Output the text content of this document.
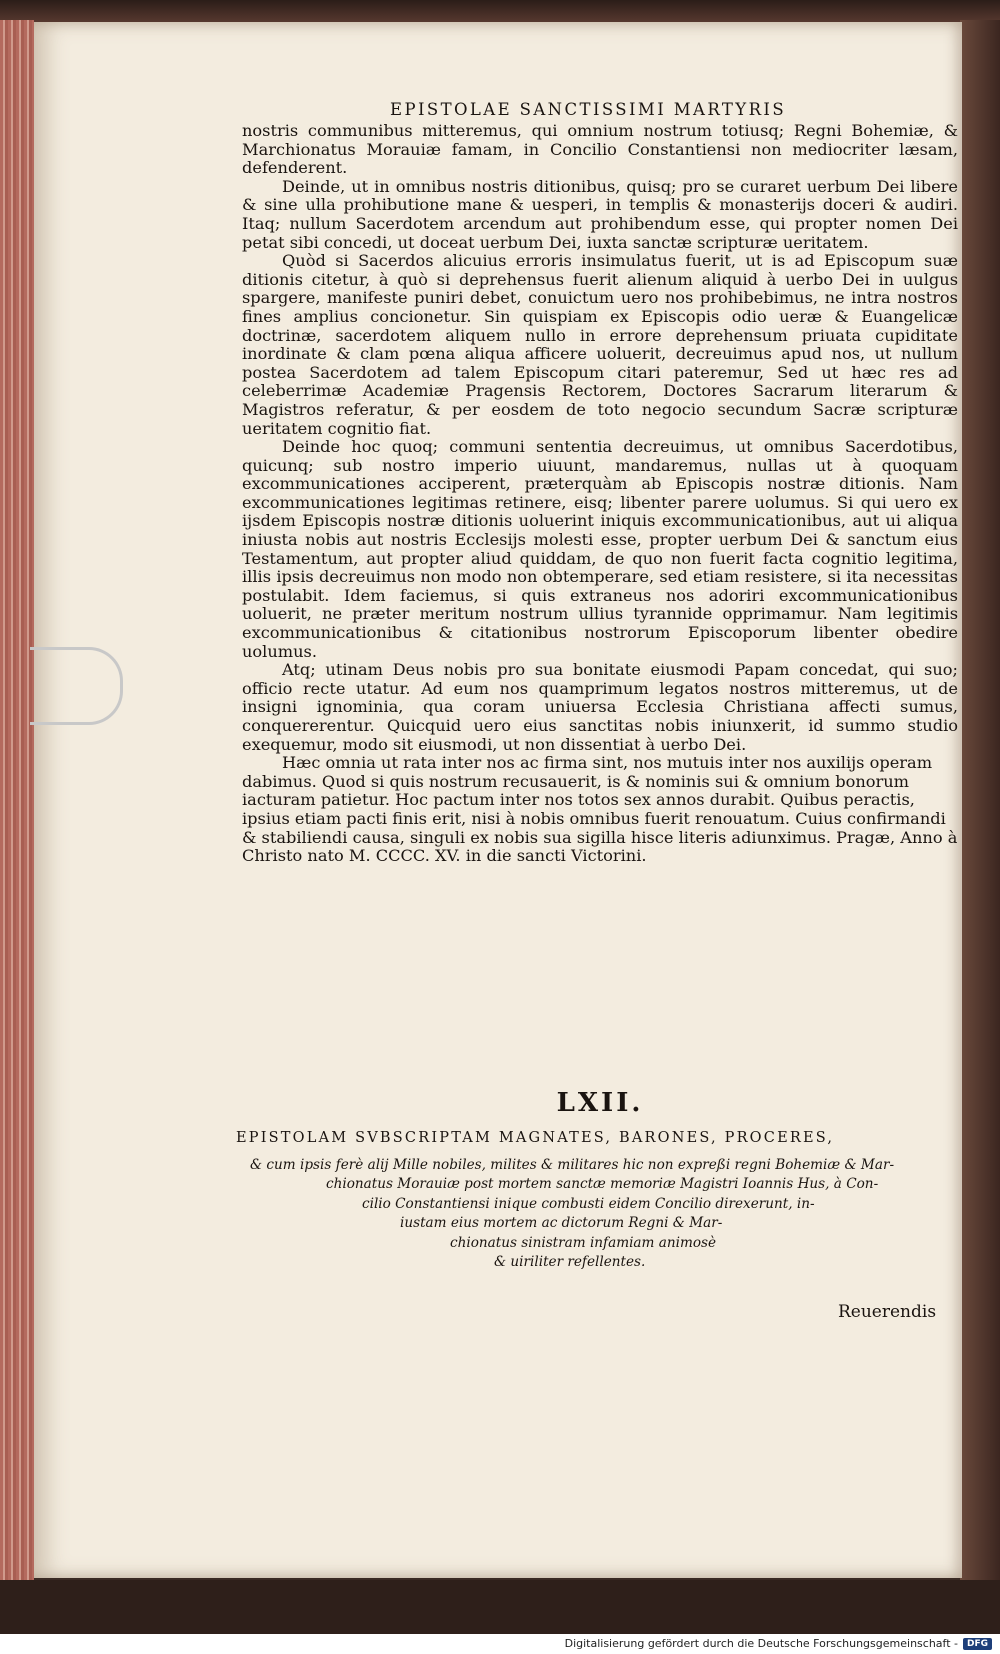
EPISTOLAE SANCTISSIMI MARTYRIS

nostris communibus mitteremus, qui omnium nostrum totiusq; Regni Bohemiæ, & Marchionatus Morauiæ famam, in Concilio Constantiensi non mediocriter læsam, defenderent.

Deinde, ut in omnibus nostris ditionibus, quisq; pro se curaret uerbum Dei libere & sine ulla prohibutione mane & uesperi, in templis & monasterijs doceri & audiri. Itaq; nullum Sacerdotem arcendum aut prohibendum esse, qui propter nomen Dei petat sibi concedi, ut doceat uerbum Dei, iuxta sanctæ scripturæ ueritatem.

Quòd si Sacerdos alicuius erroris insimulatus fuerit, ut is ad Episcopum suæ ditionis citetur, à quò si deprehensus fuerit alienum aliquid à uerbo Dei in uulgus spargere, manifeste puniri debet, conuictum uero nos prohibebimus, ne intra nostros fines amplius concionetur. Sin quispiam ex Episcopis odio ueræ & Euangelicæ doctrinæ, sacerdotem aliquem nullo in errore deprehensum priuata cupiditate inordinate & clam pœna aliqua afficere uoluerit, decreuimus apud nos, ut nullum postea Sacerdotem ad talem Episcopum citari pateremur, Sed ut hæc res ad celeberrimæ Academiæ Pragensis Rectorem, Doctores Sacrarum literarum & Magistros referatur, & per eosdem de toto negocio secundum Sacræ scripturæ ueritatem cognitio fiat.

Deinde hoc quoq; communi sententia decreuimus, ut omnibus Sacerdotibus, quicunq; sub nostro imperio uiuunt, mandaremus, nullas ut à quoquam excommunicationes acciperent, præterquàm ab Episcopis nostræ ditionis. Nam excommunicationes legitimas retinere, eisq; libenter parere uolumus. Si qui uero ex ijsdem Episcopis nostræ ditionis uoluerint iniquis excommunicationibus, aut ui aliqua iniusta nobis aut nostris Ecclesijs molesti esse, propter uerbum Dei & sanctum eius Testamentum, aut propter aliud quiddam, de quo non fuerit facta cognitio legitima, illis ipsis decreuimus non modo non obtemperare, sed etiam resistere, si ita necessitas postulabit. Idem faciemus, si quis extraneus nos adoriri excommunicationibus uoluerit, ne præter meritum nostrum ullius tyrannide opprimamur. Nam legitimis excommunicationibus & citationibus nostrorum Episcoporum libenter obedire uolumus.

Atq; utinam Deus nobis pro sua bonitate eiusmodi Papam concedat, qui suo; officio recte utatur. Ad eum nos quamprimum legatos nostros mitteremus, ut de insigni ignominia, qua coram uniuersa Ecclesia Christiana affecti sumus, conquererentur. Quicquid uero eius sanctitas nobis iniunxerit, id summo studio exequemur, modo sit eiusmodi, ut non dissentiat à uerbo Dei.

Hæc omnia ut rata inter nos ac firma sint, nos mutuis inter nos auxilijs operam dabimus. Quod si quis nostrum recusauerit, is & nominis sui & omnium bonorum iacturam patietur. Hoc pactum inter nos totos sex annos durabit. Quibus peractis, ipsius etiam pacti finis erit, nisi à nobis omnibus fuerit renouatum. Cuius confirmandi & stabiliendi causa, singuli ex nobis sua sigilla hisce literis adiunximus. Pragæ, Anno à Christo nato M. CCCC. XV. in die sancti Victorini.

LXII.
EPISTOLAM SVBSCRIPTAM MAGNATES, BARONES, PROCERES,
& cum ipsis ferè alij Mille nobiles, milites & militares hic non expreßi regni Bohemiæ & Mar-
chionatus Morauiæ post mortem sanctæ memoriæ Magistri Ioannis Hus, à Con-
cilio Constantiensi inique combusti eidem Concilio direxerunt, in-
iustam eius mortem ac dictorum Regni & Mar-
chionatus sinistram infamiam animosè
& uiriliter refellentes.
Reuerendis
Digitalisierung gefördert durch die Deutsche Forschungsgemeinschaft -	DFG
